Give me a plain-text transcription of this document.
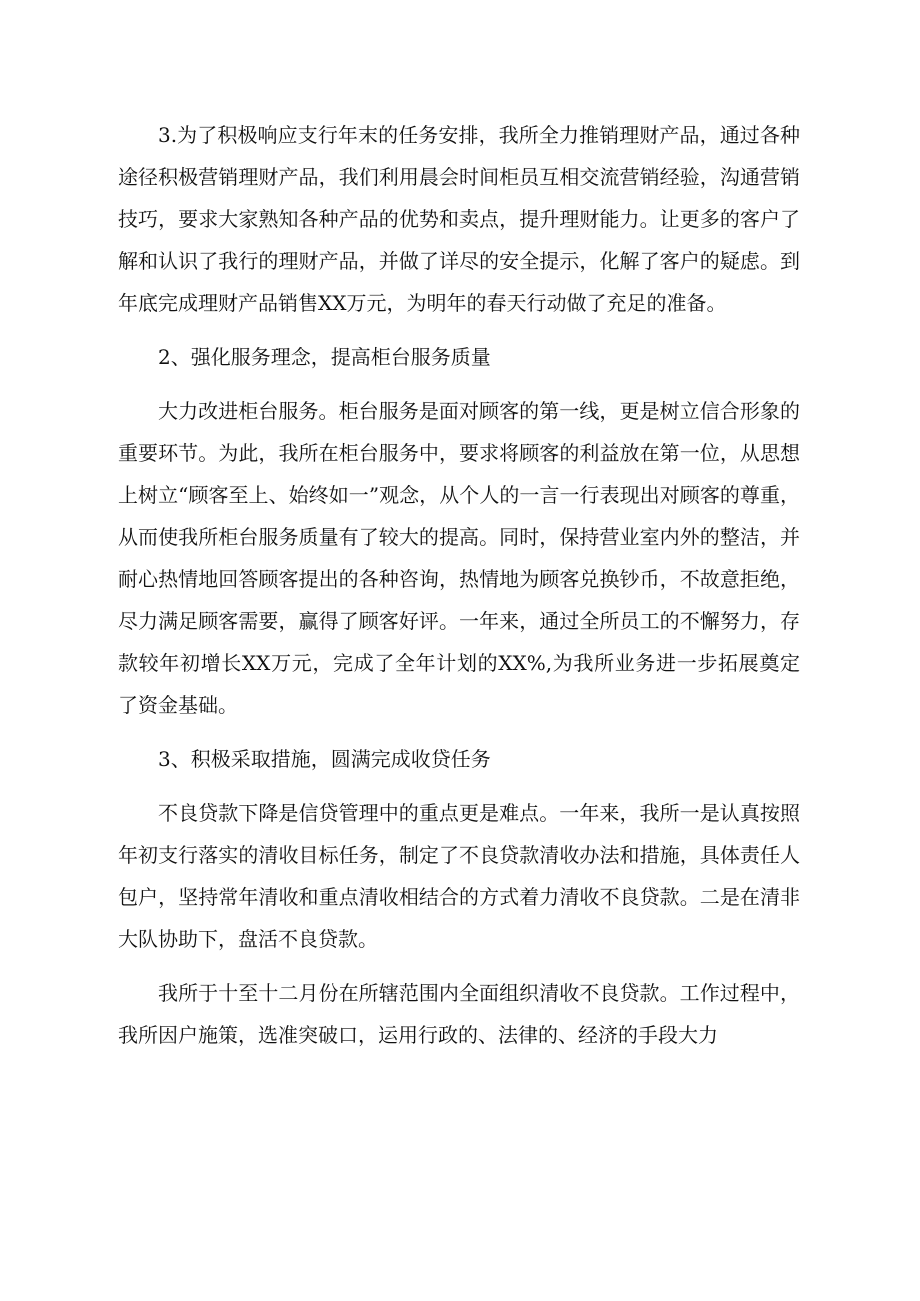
3.为了积极响应支行年末的任务安排，我所全力推销理财产品，通过各种途径积极营销理财产品，我们利用晨会时间柜员互相交流营销经验，沟通营销技巧，要求大家熟知各种产品的优势和卖点，提升理财能力。让更多的客户了解和认识了我行的理财产品，并做了详尽的安全提示，化解了客户的疑虑。到年底完成理财产品销售XX万元，为明年的春天行动做了充足的准备。

2、强化服务理念，提高柜台服务质量

大力改进柜台服务。柜台服务是面对顾客的第一线，更是树立信合形象的重要环节。为此，我所在柜台服务中，要求将顾客的利益放在第一位，从思想上树立“顾客至上、始终如一”观念，从个人的一言一行表现出对顾客的尊重，从而使我所柜台服务质量有了较大的提高。同时，保持营业室内外的整洁，并耐心热情地回答顾客提出的各种咨询，热情地为顾客兑换钞币，不故意拒绝，尽力满足顾客需要，赢得了顾客好评。一年来，通过全所员工的不懈努力，存款较年初增长XX万元，完成了全年计划的XX%,为我所业务进一步拓展奠定了资金基础。

3、积极采取措施，圆满完成收贷任务

不良贷款下降是信贷管理中的重点更是难点。一年来，我所一是认真按照年初支行落实的清收目标任务，制定了不良贷款清收办法和措施，具体责任人包户，坚持常年清收和重点清收相结合的方式着力清收不良贷款。二是在清非大队协助下，盘活不良贷款。

我所于十至十二月份在所辖范围内全面组织清收不良贷款。工作过程中，我所因户施策，选准突破口，运用行政的、法律的、经济的手段大力
